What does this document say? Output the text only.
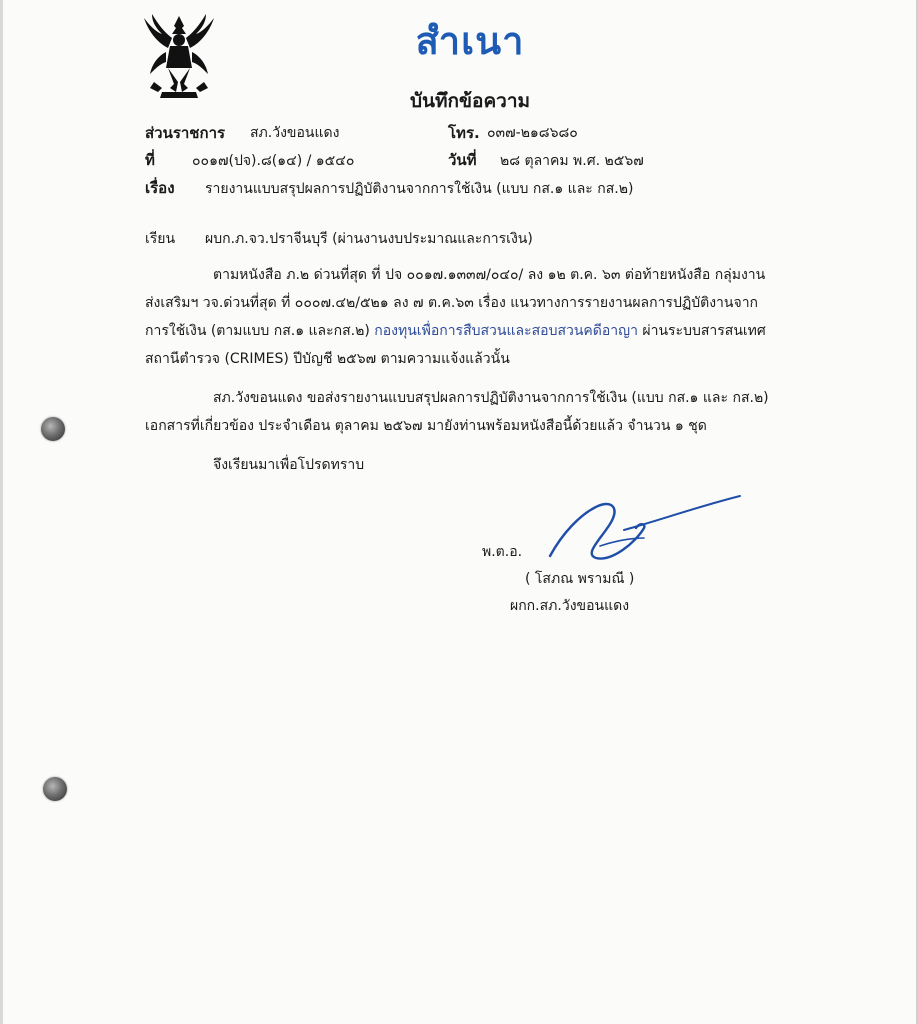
สำเนา
บันทึกข้อความ
ส่วนราชการ สภ.วังขอนแดง	โทร. ๐๓๗-๒๑๘๖๘๐
ที่	๐๐๑๗(ปจ).๘(๑๔) / ๑๕๔๐	วันที่ ๒๘ ตุลาคม พ.ศ. ๒๕๖๗
เรื่อง รายงานแบบสรุปผลการปฏิบัติงานจากการใช้เงิน (แบบ กส.๑ และ กส.๒)
เรียน ผบก.ภ.จว.ปราจีนบุรี (ผ่านงานงบประมาณและการเงิน)
ตามหนังสือ ภ.๒ ด่วนที่สุด ที่ ปจ ๐๐๑๗.๑๓๓๗/๐๔๐/ ลง ๑๒ ต.ค. ๖๓ ต่อท้ายหนังสือ กลุ่มงาน
ส่งเสริมฯ วจ.ด่วนที่สุด ที่ ๐๐๐๗.๔๒/๕๒๑ ลง ๗ ต.ค.๖๓ เรื่อง แนวทางการรายงานผลการปฏิบัติงานจาก
การใช้เงิน (ตามแบบ กส.๑ และกส.๒) กองทุนเพื่อการสืบสวนและสอบสวนคดีอาญา ผ่านระบบสารสนเทศ
สถานีตำรวจ (CRIMES) ปีบัญชี ๒๕๖๗ ตามความแจ้งแล้วนั้น
สภ.วังขอนแดง ขอส่งรายงานแบบสรุปผลการปฏิบัติงานจากการใช้เงิน (แบบ กส.๑ และ กส.๒)
เอกสารที่เกี่ยวข้อง ประจำเดือน ตุลาคม ๒๕๖๗ มายังท่านพร้อมหนังสือนี้ด้วยแล้ว จำนวน ๑ ชุด
จึงเรียนมาเพื่อโปรดทราบ
พ.ต.อ.
( โสภณ พรามณี )
ผกก.สภ.วังขอนแดง
